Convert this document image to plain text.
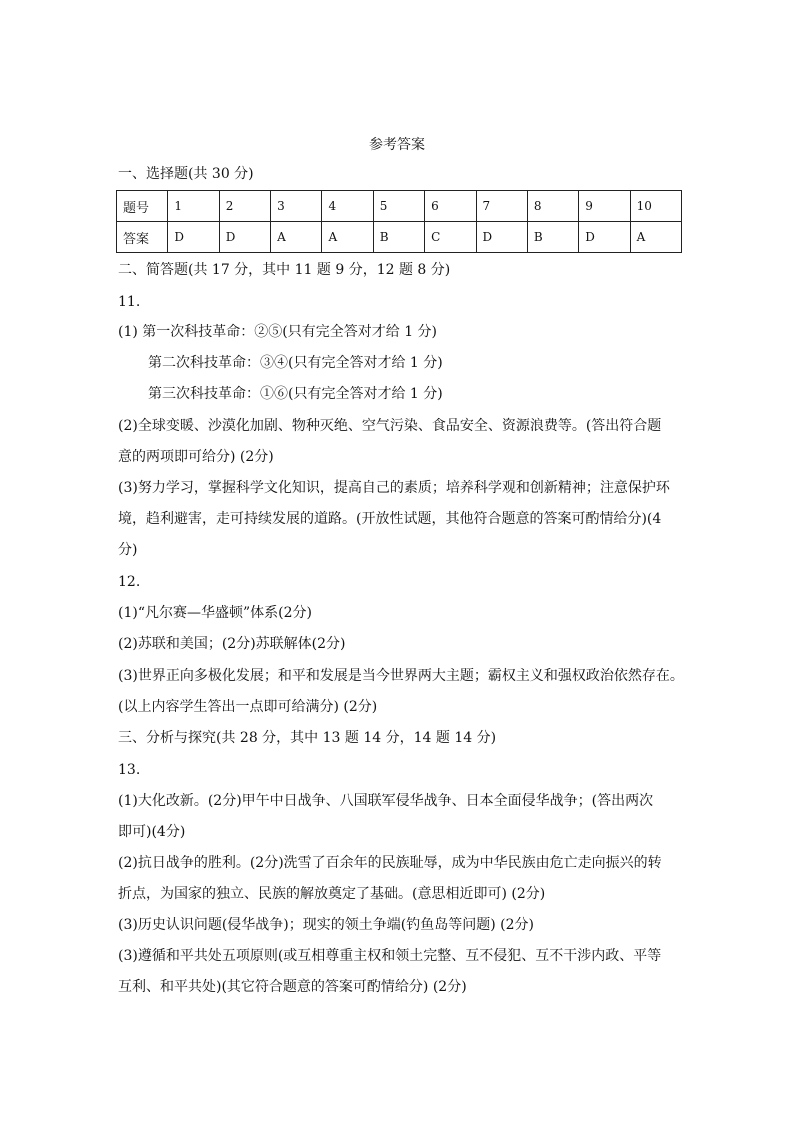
参考答案
一、选择题(共 30 分)
题号	1	2	3	4	5	6	7	8	9	10
答案	D	D	A	A	B	C	D	B	D	A
二、简答题(共 17 分，其中 11 题 9 分，12 题 8 分)
11.
(1) 第一次科技革命：②⑤(只有完全答对才给 1 分)
第二次科技革命：③④(只有完全答对才给 1 分)
第三次科技革命：①⑥(只有完全答对才给 1 分)
(2)全球变暖、沙漠化加剧、物种灭绝、空气污染、食品安全、资源浪费等。(答出符合题
意的两项即可给分) (2分)
(3)努力学习，掌握科学文化知识，提高自己的素质；培养科学观和创新精神；注意保护环
境，趋利避害，走可持续发展的道路。(开放性试题，其他符合题意的答案可酌情给分)(4
分)
12.
(1)“凡尔赛—华盛顿”体系(2分)
(2)苏联和美国；(2分)苏联解体(2分)
(3)世界正向多极化发展；和平和发展是当今世界两大主题；霸权主义和强权政治依然存在。
(以上内容学生答出一点即可给满分) (2分)
三、分析与探究(共 28 分，其中 13 题 14 分，14 题 14 分)
13.
(1)大化改新。(2分)甲午中日战争、八国联军侵华战争、日本全面侵华战争；(答出两次
即可)(4分)
(2)抗日战争的胜利。(2分)洗雪了百余年的民族耻辱，成为中华民族由危亡走向振兴的转
折点，为国家的独立、民族的解放奠定了基础。(意思相近即可) (2分)
(3)历史认识问题(侵华战争)；现实的领土争端(钓鱼岛等问题) (2分)
(3)遵循和平共处五项原则(或互相尊重主权和领土完整、互不侵犯、互不干涉内政、平等
互利、和平共处)(其它符合题意的答案可酌情给分) (2分)
